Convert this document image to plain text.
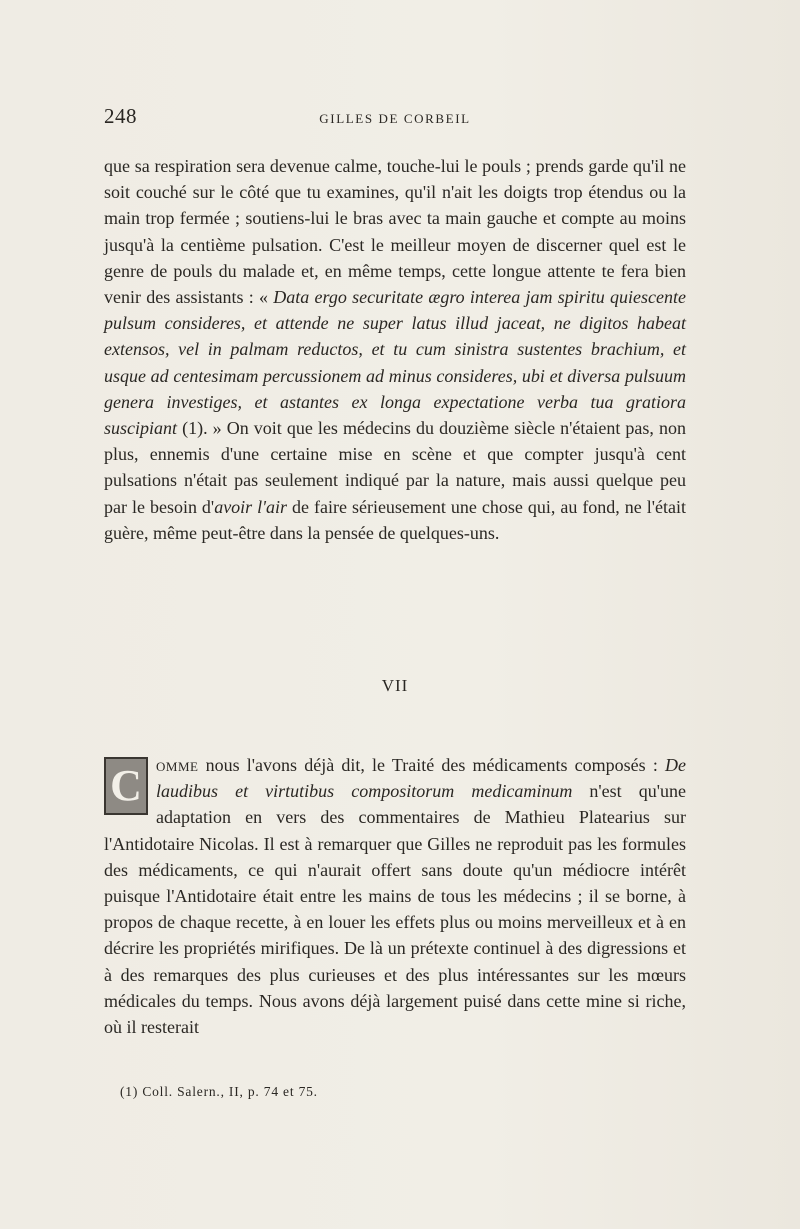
248	GILLES DE CORBEIL
que sa respiration sera devenue calme, touche-lui le pouls ; prends garde qu'il ne soit couché sur le côté que tu examines, qu'il n'ait les doigts trop étendus ou la main trop fermée ; soutiens-lui le bras avec ta main gauche et compte au moins jusqu'à la centième pulsation. C'est le meilleur moyen de discerner quel est le genre de pouls du malade et, en même temps, cette longue attente te fera bien venir des assistants : « Data ergo securitate ægro interea jam spiritu quiescente pulsum consideres, et attende ne super latus illud jaceat, ne digitos habeat extensos, vel in palmam reductos, et tu cum sinistra sustentes brachium, et usque ad centesimam percussionem ad minus consideres, ubi et diversa pulsuum genera investiges, et astantes ex longa expectatione verba tua gratiora suscipiant (1). » On voit que les médecins du douzième siècle n'étaient pas, non plus, ennemis d'une certaine mise en scène et que compter jusqu'à cent pulsations n'était pas seulement indiqué par la nature, mais aussi quelque peu par le besoin d'avoir l'air de faire sérieusement une chose qui, au fond, ne l'était guère, même peut-être dans la pensée de quelques-uns.
VII
C omme nous l'avons déjà dit, le Traité des médicaments composés : De laudibus et virtutibus compositorum medicaminum n'est qu'une adaptation en vers des commentaires de Mathieu Platearius sur l'Antidotaire Nicolas. Il est à remarquer que Gilles ne reproduit pas les formules des médicaments, ce qui n'aurait offert sans doute qu'un médiocre intérêt puisque l'Antidotaire était entre les mains de tous les médecins ; il se borne, à propos de chaque recette, à en louer les effets plus ou moins merveilleux et à en décrire les propriétés mirifiques. De là un prétexte continuel à des digressions et à des remarques des plus curieuses et des plus intéressantes sur les mœurs médicales du temps. Nous avons déjà largement puisé dans cette mine si riche, où il resterait
(1) Coll. Salern., II, p. 74 et 75.
